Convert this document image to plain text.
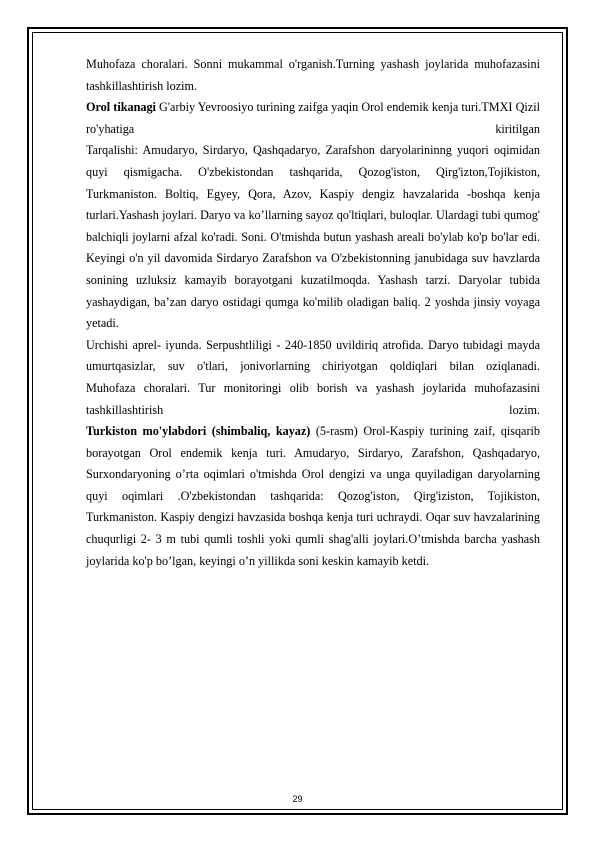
Muhofaza choralari. Sonni mukammal o'rganish.Turning yashash joylarida muhofazasini tashkillashtirish lozim.

Orol tikanagi G'arbiy Yevroosiyo turining zaifga yaqin Orol endemik kenja turi.TMXI Qizil ro'yhatiga kiritilgan

Tarqalishi: Amudaryo, Sirdaryo, Qashqadaryo, Zarafshon daryolarininng yuqori oqimidan quyi qismigacha. O'zbekistondan tashqarida, Qozog'iston, Qirg'izton,Tojikiston, Turkmaniston. Boltiq, Egyey, Qora, Azov, Kaspiy dengiz havzalarida -boshqa kenja turlari.Yashash joylari. Daryo va ko’llarning sayoz qo'ltiqlari, buloqlar. Ulardagi tubi qumog' balchiqli joylarni afzal ko'radi. Soni. O'tmishda butun yashash areali bo'ylab ko'p bo'lar edi. Keyingi o'n yil davomida Sirdaryo Zarafshon va O'zbekistonning janubidaga suv havzlarda sonining uzluksiz kamayib borayotgani kuzatilmoqda. Yashash tarzi. Daryolar tubida yashaydigan, ba’zan daryo ostidagi qumga ko'milib oladigan baliq. 2 yoshda jinsiy voyaga yetadi.

Urchishi aprel- iyunda. Serpushtliligi - 240-1850 uvildiriq atrofida. Daryo tubidagi mayda umurtqasizlar, suv o'tlari, jonivorlarning chiriyotgan qoldiqlari bilan oziqlanadi.

Muhofaza choralari. Tur monitoringi olib borish va yashash joylarida muhofazasini tashkillashtirish lozim.

Turkiston mo'ylabdori (shimbaliq, kayaz) (5-rasm) Orol-Kaspiy turining zaif, qisqarib borayotgan Orol endemik kenja turi. Amudaryo, Sirdaryo, Zarafshon, Qashqadaryo, Surxondaryoning o’rta oqimlari o'tmishda Orol dengizi va unga quyiladigan daryolarning quyi oqimlari .O'zbekistondan tashqarida: Qozog'iston, Qirg'iziston, Tojikiston, Turkmaniston. Kaspiy dengizi havzasida boshqa kenja turi uchraydi. Oqar suv havzalarining chuqurligi 2- 3 m tubi qumli toshli yoki qumli shag'alli joylari.O’tmishda barcha yashash joylarida ko'p bo’lgan, keyingi o’n yillikda soni keskin kamayib ketdi.

29
